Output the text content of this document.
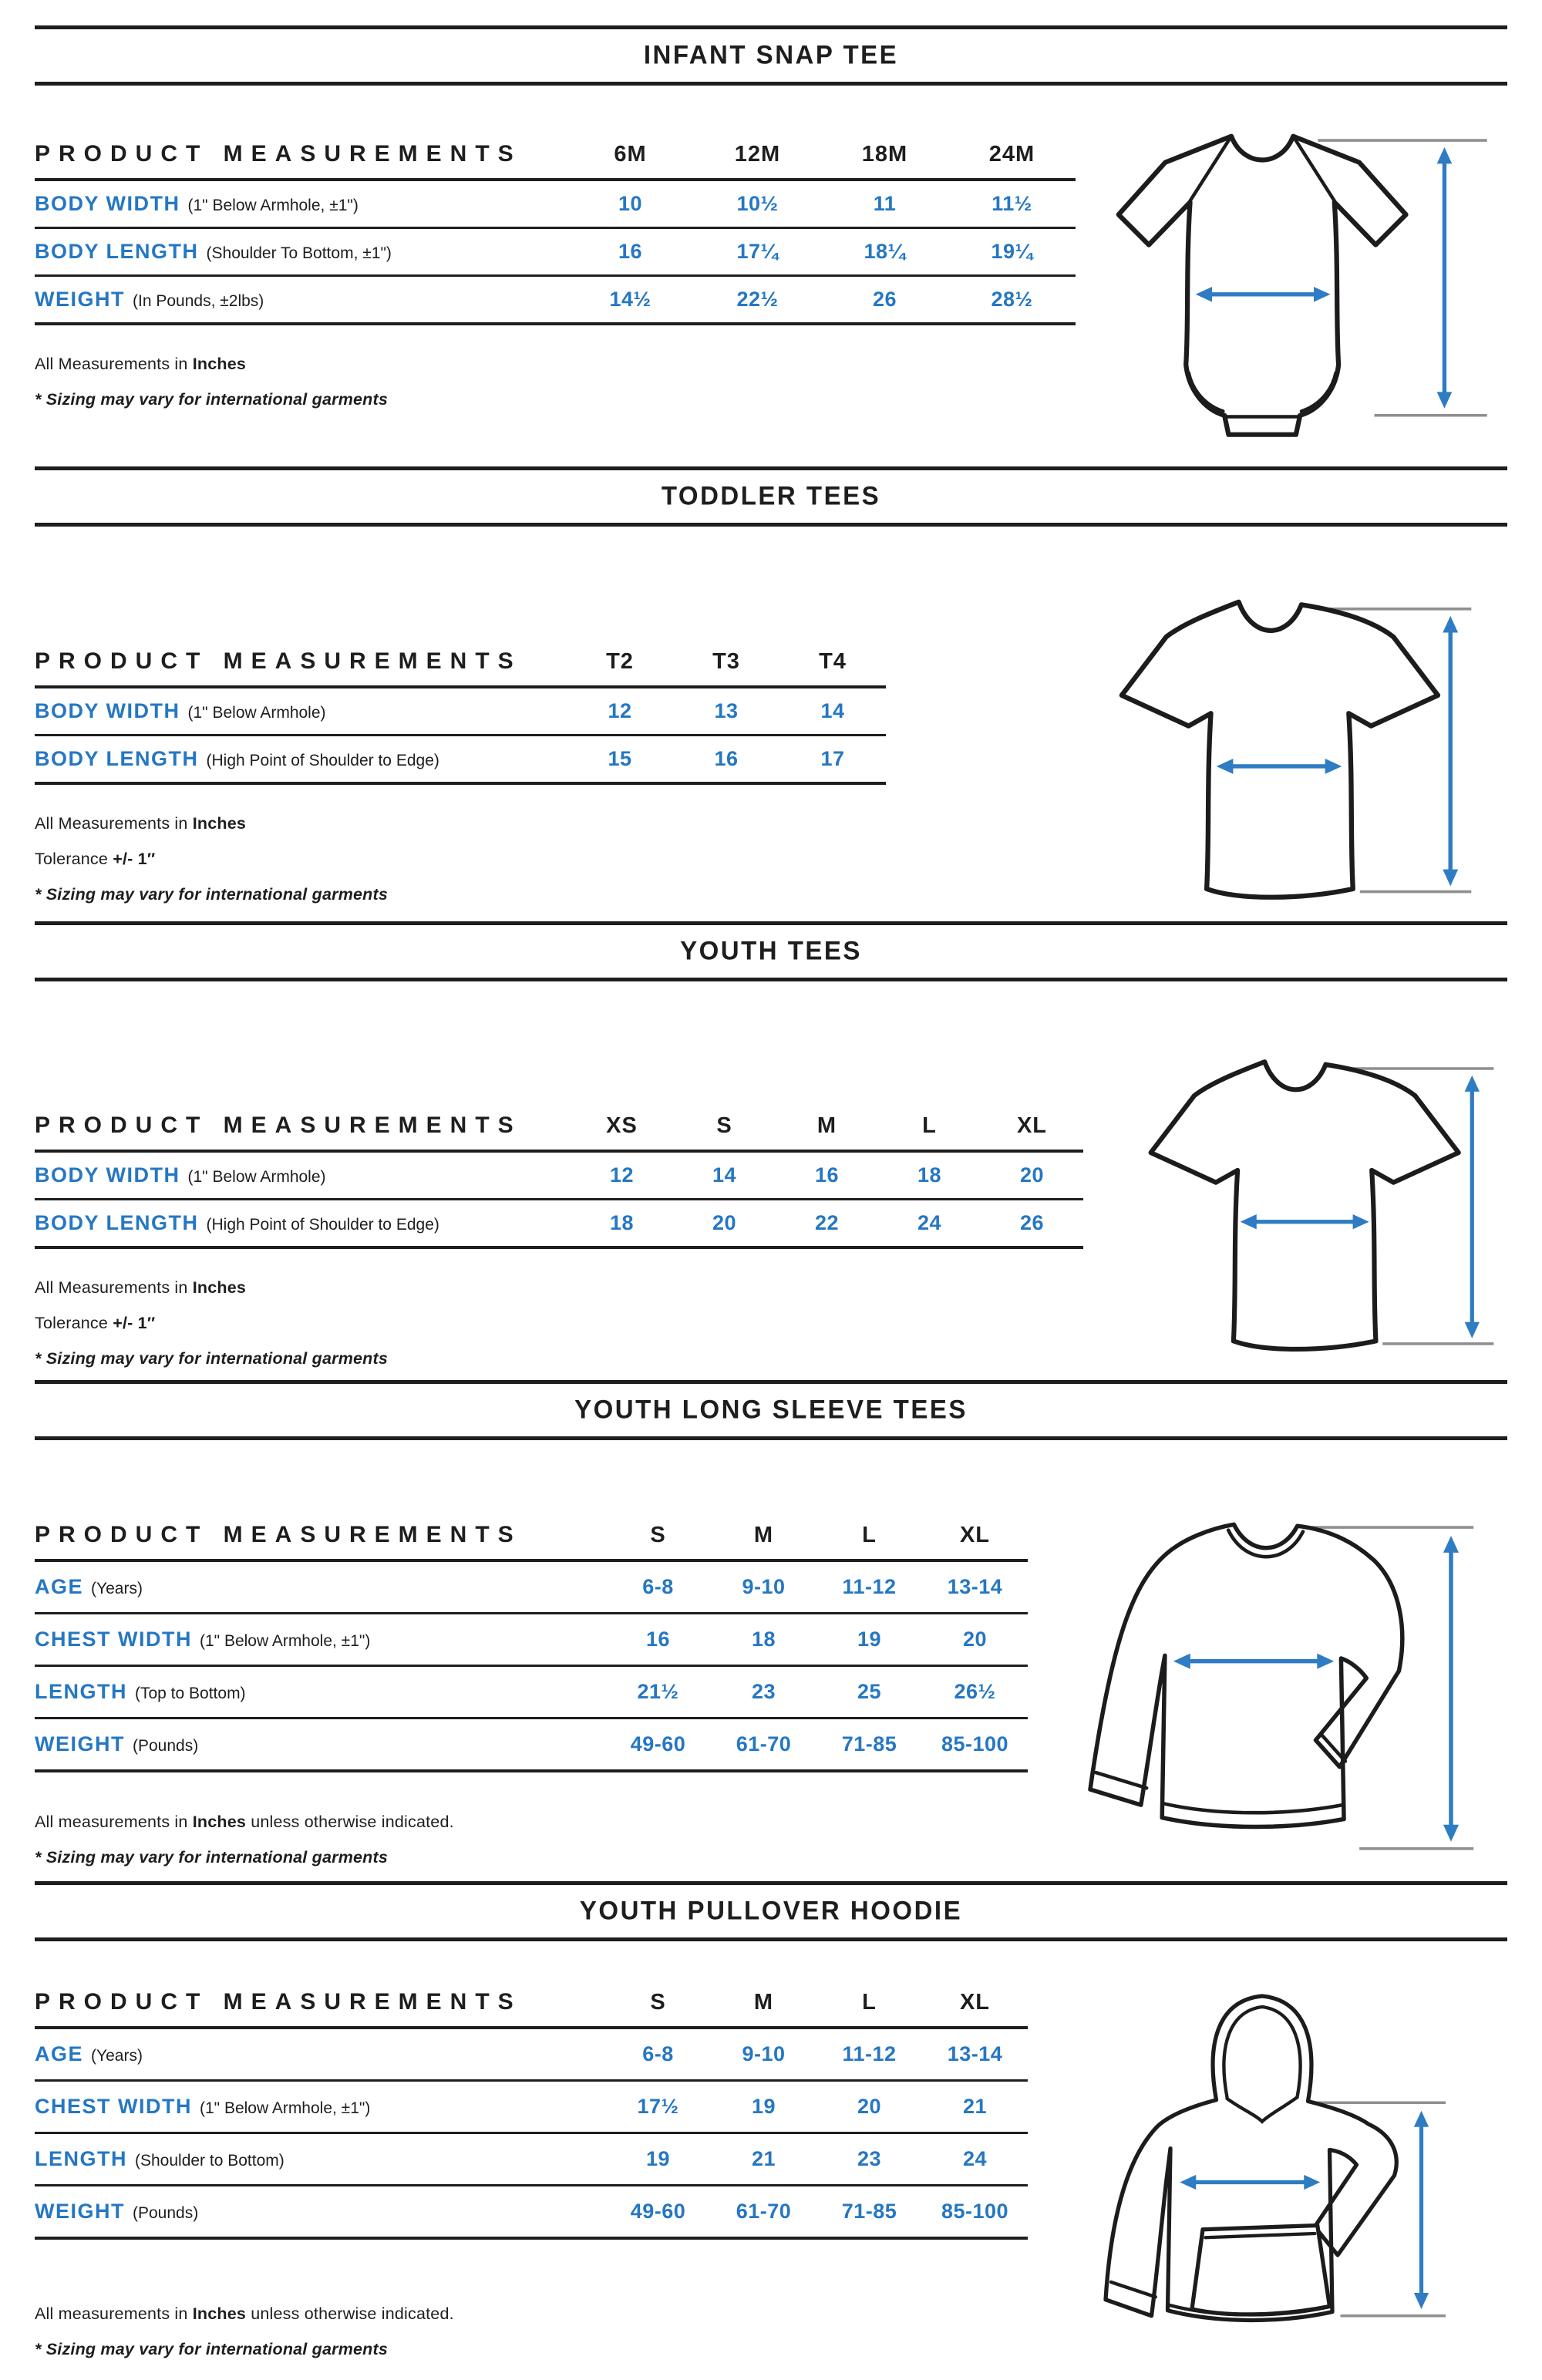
INFANT SNAP TEE
PRODUCT MEASUREMENTS	6M	12M	18M	24M
BODY WIDTH (1" Below Armhole, ±1")	10	10½	11	11½
BODY LENGTH (Shoulder To Bottom, ±1")	16	17¼	18¼	19¼
WEIGHT (In Pounds, ±2lbs)	14½	22½	26	28½
All Measurements in Inches
* Sizing may vary for international garments
TODDLER TEES
PRODUCT MEASUREMENTS	T2	T3	T4
BODY WIDTH (1" Below Armhole)	12	13	14
BODY LENGTH (High Point of Shoulder to Edge)	15	16	17
All Measurements in Inches
Tolerance +/- 1″
* Sizing may vary for international garments
YOUTH TEES
PRODUCT MEASUREMENTS	XS	S	M	L	XL
BODY WIDTH (1" Below Armhole)	12	14	16	18	20
BODY LENGTH (High Point of Shoulder to Edge)	18	20	22	24	26
All Measurements in Inches
Tolerance +/- 1″
* Sizing may vary for international garments
YOUTH LONG SLEEVE TEES
PRODUCT MEASUREMENTS	S	M	L	XL
AGE (Years)	6-8	9-10	11-12	13-14
CHEST WIDTH (1" Below Armhole, ±1")	16	18	19	20
LENGTH (Top to Bottom)	21½	23	25	26½
WEIGHT (Pounds)	49-60	61-70	71-85	85-100
All measurements in Inches unless otherwise indicated.
* Sizing may vary for international garments
YOUTH PULLOVER HOODIE
PRODUCT MEASUREMENTS	S	M	L	XL
AGE (Years)	6-8	9-10	11-12	13-14
CHEST WIDTH (1" Below Armhole, ±1")	17½	19	20	21
LENGTH (Shoulder to Bottom)	19	21	23	24
WEIGHT (Pounds)	49-60	61-70	71-85	85-100
All measurements in Inches unless otherwise indicated.
* Sizing may vary for international garments
